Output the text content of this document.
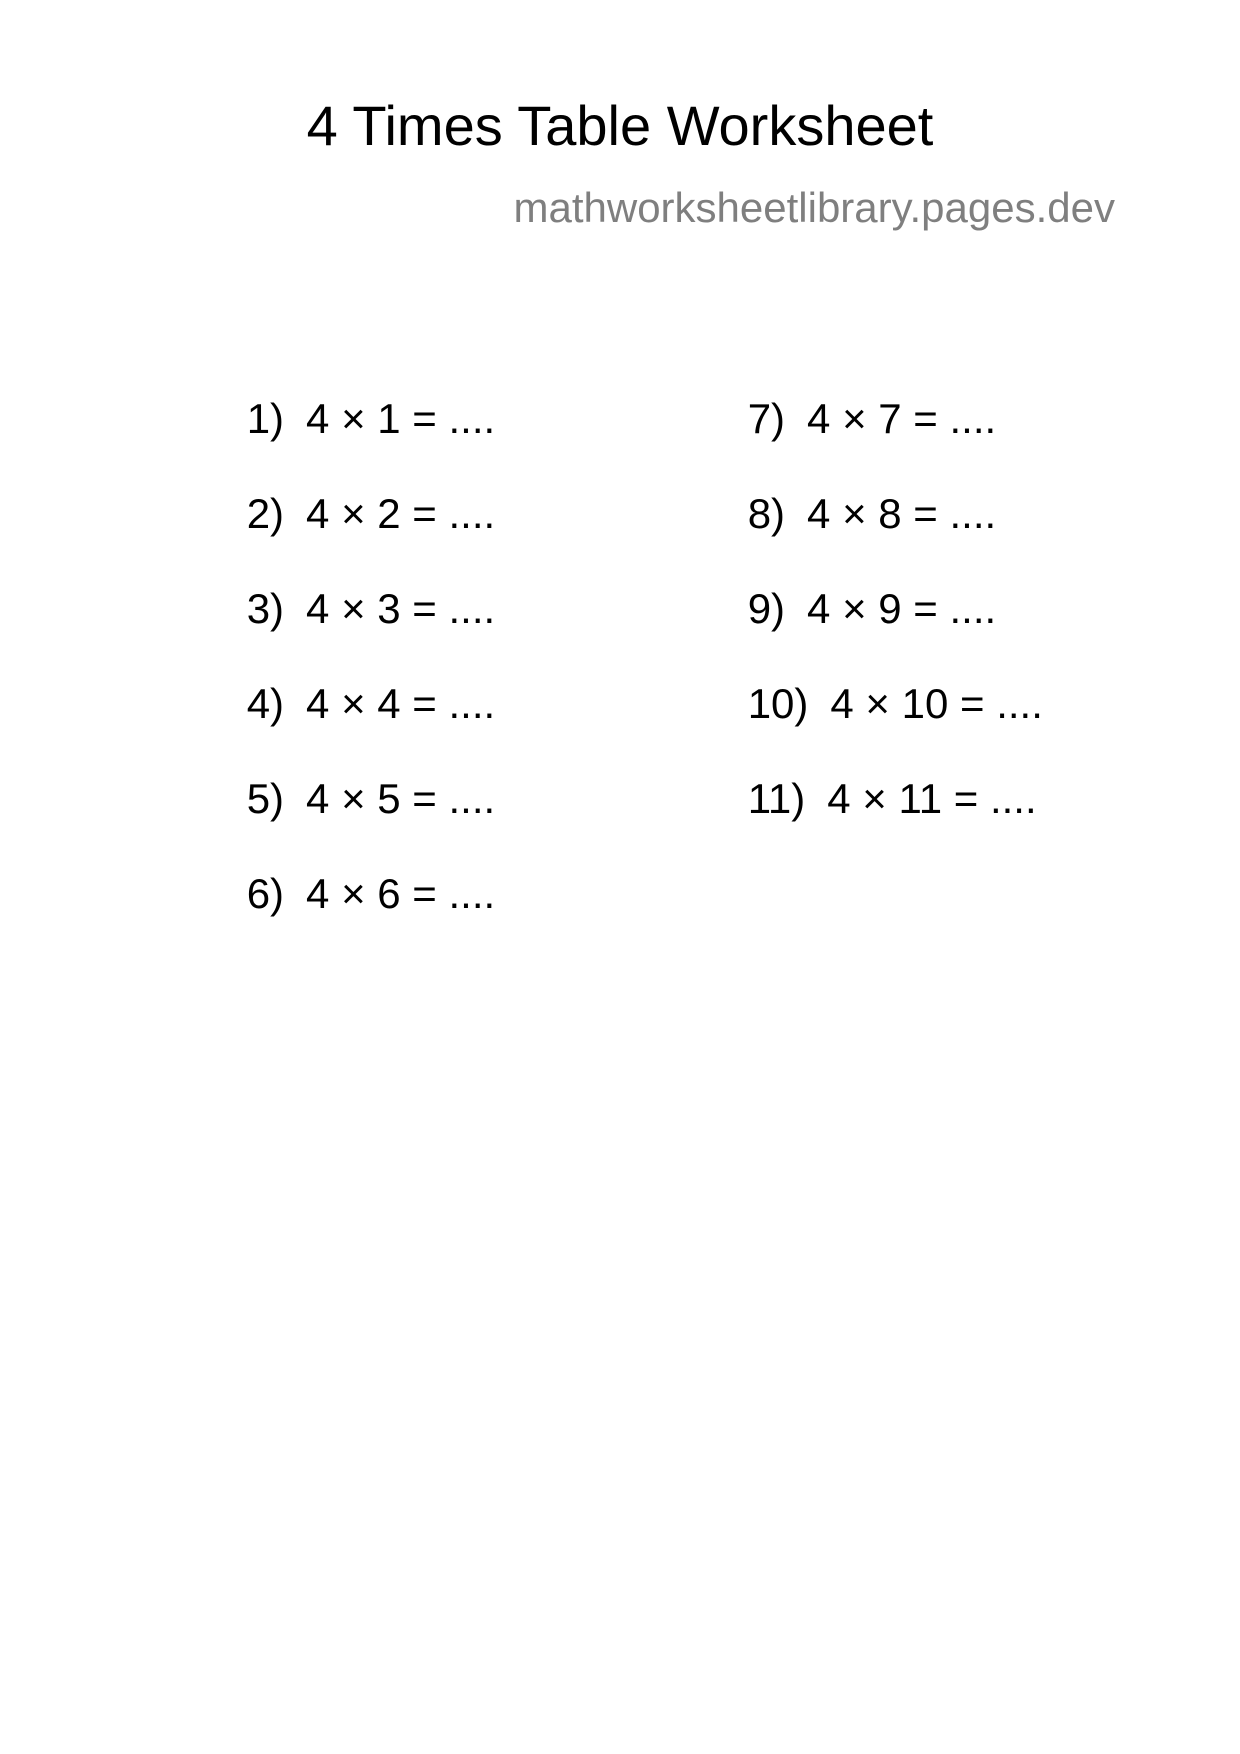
4 Times Table Worksheet
mathworksheetlibrary.pages.dev

1) 4 × 1 = ....

2) 4 × 2 = ....

3) 4 × 3 = ....

4) 4 × 4 = ....

5) 4 × 5 = ....

6) 4 × 6 = ....

7) 4 × 7 = ....

8) 4 × 8 = ....

9) 4 × 9 = ....

10) 4 × 10 = ....

11) 4 × 11 = ....
